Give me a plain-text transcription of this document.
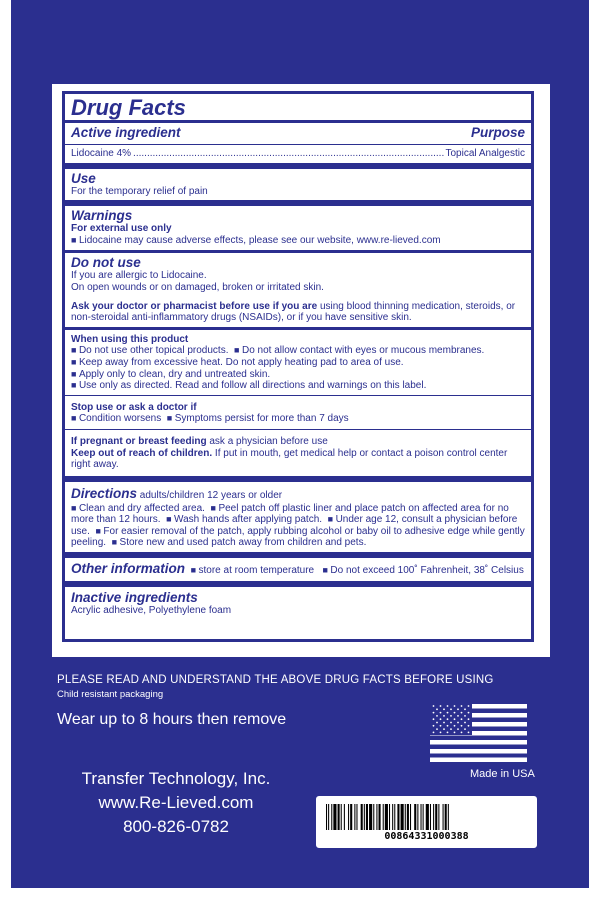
Drug Facts
Active ingredient	Purpose
Lidocaine 4% .....	Topical Analgestic
Use
For the temporary relief of pain
Warnings
For external use only
■ Lidocaine may cause adverse effects, please see our website, www.re-lieved.com
Do not use
If you are allergic to Lidocaine.
On open wounds or on damaged, broken or irritated skin.
Ask your doctor or pharmacist before use if you are using blood thinning medication, steroids, or non-steroidal anti-inflammatory drugs (NSAIDs), or if you have sensitive skin.
When using this product
■ Do not use other topical products. ■ Do not allow contact with eyes or mucous membranes.
■ Keep away from excessive heat. Do not apply heating pad to area of use.
■ Apply only to clean, dry and untreated skin.
■ Use only as directed. Read and follow all directions and warnings on this label.
Stop use or ask a doctor if
■ Condition worsens ■ Symptoms persist for more than 7 days
If pregnant or breast feeding ask a physician before use
Keep out of reach of children. If put in mouth, get medical help or contact a poison control center right away.
Directions adults/children 12 years or older
■ Clean and dry affected area. ■ Peel patch off plastic liner and place patch on affected area for no more than 12 hours. ■ Wash hands after applying patch. ■ Under age 12, consult a physician before use. ■ For easier removal of the patch, apply rubbing alcohol or baby oil to adhesive edge while gently peeling. ■ Store new and used patch away from children and pets.
Other information ■ store at room temperature ■ Do not exceed 100˚ Fahrenheit, 38˚ Celsius
Inactive ingredients
Acrylic adhesive, Polyethylene foam
PLEASE READ AND UNDERSTAND THE ABOVE DRUG FACTS BEFORE USING
Child resistant packaging
Wear up to 8 hours then remove
Made in USA
Transfer Technology, Inc.
www.Re-Lieved.com
800-826-0782
00864331000388
